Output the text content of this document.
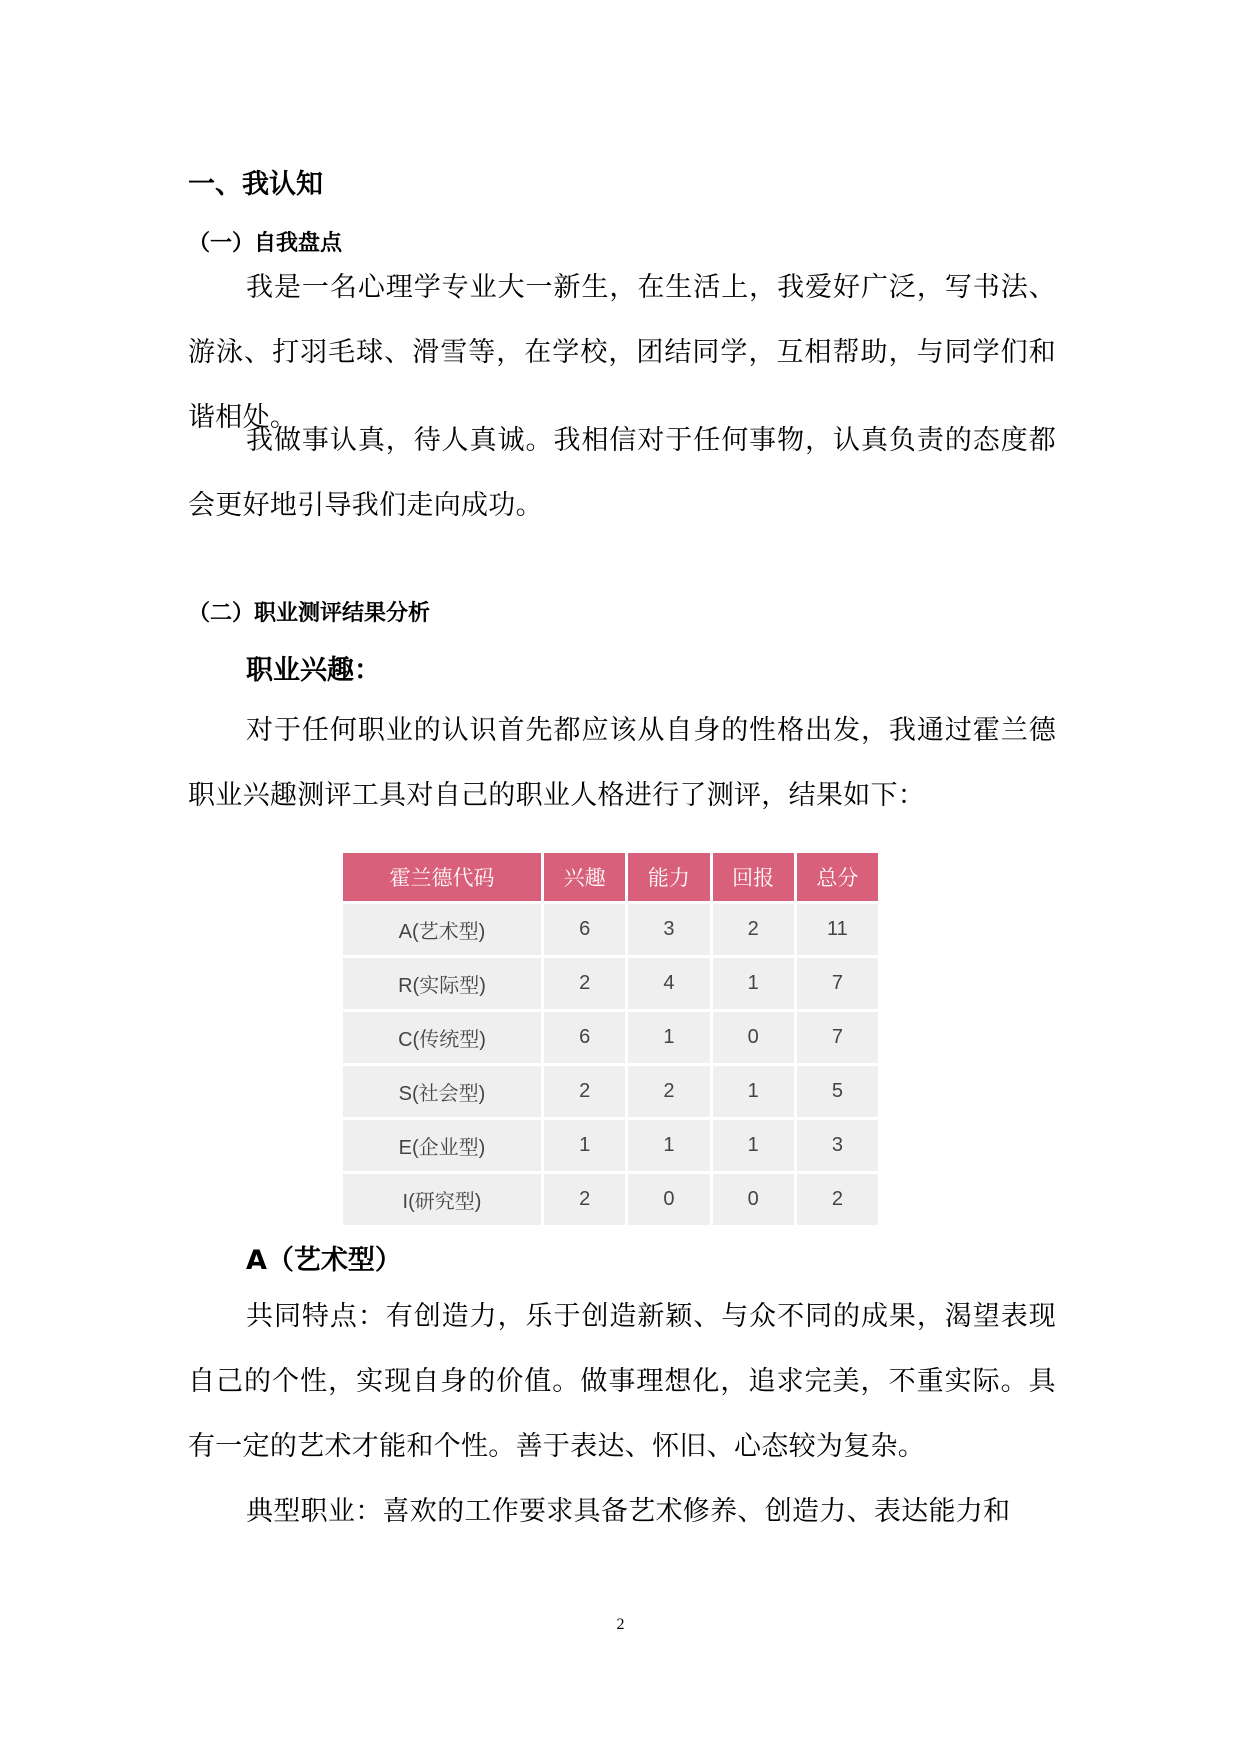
一、我认知
（一）自我盘点

我是一名心理学专业大一新生，在生活上，我爱好广泛，写书法、游泳、打羽毛球、滑雪等，在学校，团结同学，互相帮助，与同学们和谐相处。

我做事认真，待人真诚。我相信对于任何事物，认真负责的态度都会更好地引导我们走向成功。

（二）职业测评结果分析
职业兴趣：

对于任何职业的认识首先都应该从自身的性格出发，我通过霍兰德职业兴趣测评工具对自己的职业人格进行了测评，结果如下：

霍兰德代码	兴趣	能力	回报	总分
A(艺术型)	6	3	2	11
R(实际型)	2	4	1	7
C(传统型)	6	1	0	7
S(社会型)	2	2	1	5
E(企业型)	1	1	1	3
I(研究型)	2	0	0	2
A（艺术型）

共同特点：有创造力，乐于创造新颖、与众不同的成果，渴望表现自己的个性，实现自身的价值。做事理想化，追求完美，不重实际。具有一定的艺术才能和个性。善于表达、怀旧、心态较为复杂。

典型职业：喜欢的工作要求具备艺术修养、创造力、表达能力和

2
